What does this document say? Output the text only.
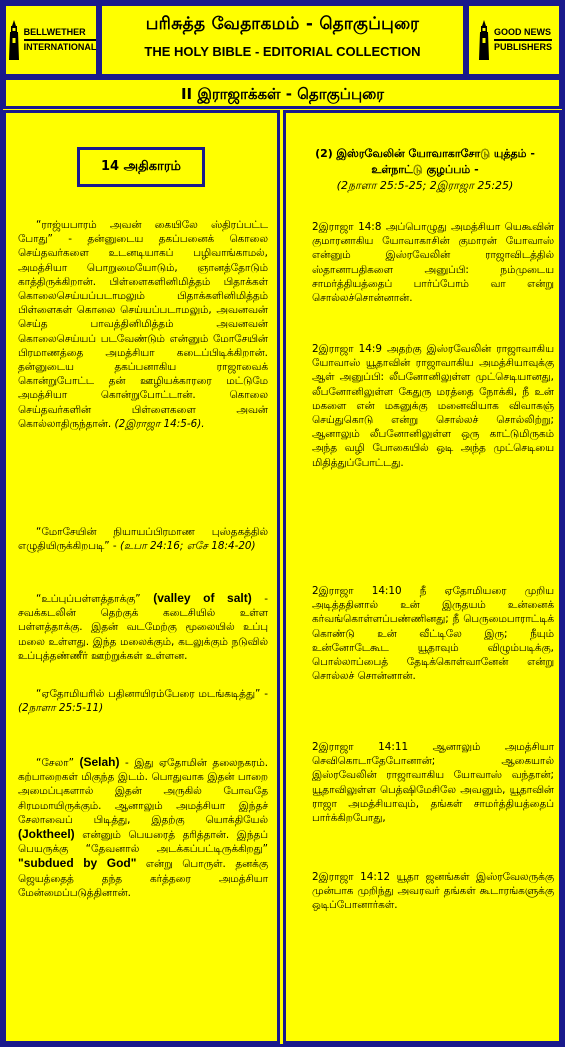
BELLWETHER
INTERNATIONAL
பரிசுத்த வேதாகமம் - தொகுப்புரை
THE HOLY BIBLE - EDITORIAL COLLECTION
GOOD NEWS
PUBLISHERS
II இராஜாக்கள் - தொகுப்புரை
14 அதிகாரம்
“ராஜ்யபாரம் அவன் கையிலே ஸ்திரப்பட்ட போது” - தன்னுடைய தகப்பனைக் கொலை செய்தவர்களை உடனடியாகப் பழிவாங்காமல், அமத்சியா பொறுமையோடும், ஞானத்தோடும் காத்திருக்கிறான். பிள்ளைகளினிமித்தம் பிதாக்கள் கொலைசெய்யப்படாமலும் பிதாக்களினிமித்தம் பிள்ளைகள் கொலை செய்யப்படாமலும், அவனவன் செய்த பாவத்தினிமித்தம் அவனவன் கொலைசெய்யப் படவேண்டும் என்னும் மோசேயின் பிரமாணத்தை அமத்சியா கடைப்பிடிக்கிறான். தன்னுடைய தகப்பனாகிய ராஜாவைக் கொன்றுபோட்ட தன் ஊழியக்காரரை மட்டுமே அமத்சியா கொன்றுபோட்டான். கொலை செய்தவர்களின் பிள்ளைகளை அவன் கொல்லாதிருந்தான். (2இராஜா 14:5-6).
“மோசேயின் நியாயப்பிரமாண புஸ்தகத்தில் எழுதியிருக்கிறபடி” - (உபா 24:16; எசே 18:4-20)
“உப்புப்பள்ளத்தாக்கு” (valley of salt) - சவக்கடலின் தெற்குக் கடைசியில் உள்ள பள்ளத்தாக்கு. இதன் வடமேற்கு மூலையில் உப்பு மலை உள்ளது. இந்த மலைக்கும், கடலுக்கும் நடுவில் உப்புத்தண்ணீர் ஊற்றுக்கள் உள்ளன.
“ஏதோமியரில் பதினாயிரம்பேரை மடங்கடித்து” - (2நாளா 25:5-11)
“சேலா” (Selah) - இது ஏதோமின் தலைநகரம். கற்பாறைகள் மிகுந்த இடம். பொதுவாக இதன் பாறை அமைப்புகளால் இதன் அருகில் போவதே சிரமமாயிருக்கும். ஆனாலும் அமத்சியா இந்தச் சேலாவைப் பிடித்து, இதற்கு யொக்தியேல் (Joktheel) என்னும் பெயரைத் தரித்தான். இந்தப் பெயருக்கு “தேவனால் அடக்கப்பட்டிருக்கிறது” "subdued by God" என்று பொருள். தனக்கு ஜெயத்தைத் தந்த கர்த்தரை அமத்சியா மேன்மைப்படுத்தினான்.
(2) இஸ்ரவேலின் யோவாகாசோடு யுத்தம் - உள்நாட்டு குழப்பம் -
(2நாளா 25:5-25; 2இராஜா 25:25)
2இராஜா 14:8 அப்பொழுது அமத்சியா யெகூவின் குமாரனாகிய யோவாகாசின் குமாரன் யோவாஸ் என்னும் இஸ்ரவேலின் ராஜாவிடத்தில் ஸ்தானாபதிகளை அனுப்பி: நம்முடைய சாமர்த்தியத்தைப் பார்ப்போம் வா என்று சொல்லச்சொன்னான்.
2இராஜா 14:9 அதற்கு இஸ்ரவேலின் ராஜாவாகிய யோவாஸ் யூதாவின் ராஜாவாகிய அமத்சியாவுக்கு ஆள் அனுப்பி: லீபனோனிலுள்ள முட்செடியானது, லீபனோனிலுள்ள கேதுரு மரத்தை நோக்கி, நீ உன் மகளை என் மகனுக்கு மனைவியாக விவாகஞ் செய்துகொடு என்று சொல்லச் சொல்லிற்று; ஆனாலும் லீபனோனிலுள்ள ஒரு காட்டுமிருகம் அந்த வழி போகையில் ஒடி அந்த முட்செடியை மிதித்துப்போட்டது.
2இராஜா 14:10 நீ ஏதோமியரை முறிய அடித்ததினால் உன் இருதயம் உன்னைக் கர்வங்கொள்ளப்பண்ணினது; நீ பெருமைபாராட்டிக் கொண்டு உன் வீட்டிலே இரு; நீயும் உன்னோடேகூட யூதாவும் விழும்படிக்கு, பொல்லாப்பைத் தேடிக்கொள்வானேன் என்று சொல்லச் சொன்னான்.
2இராஜா 14:11 ஆனாலும் அமத்சியா செவிகொடாதேபோனான்; ஆகையால் இஸ்ரவேலின் ராஜாவாகிய யோவாஸ் வந்தான்; யூதாவிலுள்ள பெத்ஷிமேசிலே அவனும், யூதாவின் ராஜா அமத்சியாவும், தங்கள் சாமர்த்தியத்தைப் பார்க்கிறபோது,
2இராஜா 14:12 யூதா ஜனங்கள் இஸ்ரவேலருக்கு முன்பாக முறிந்து அவரவர் தங்கள் கூடாரங்களுக்கு ஒடிப்போனார்கள்.
